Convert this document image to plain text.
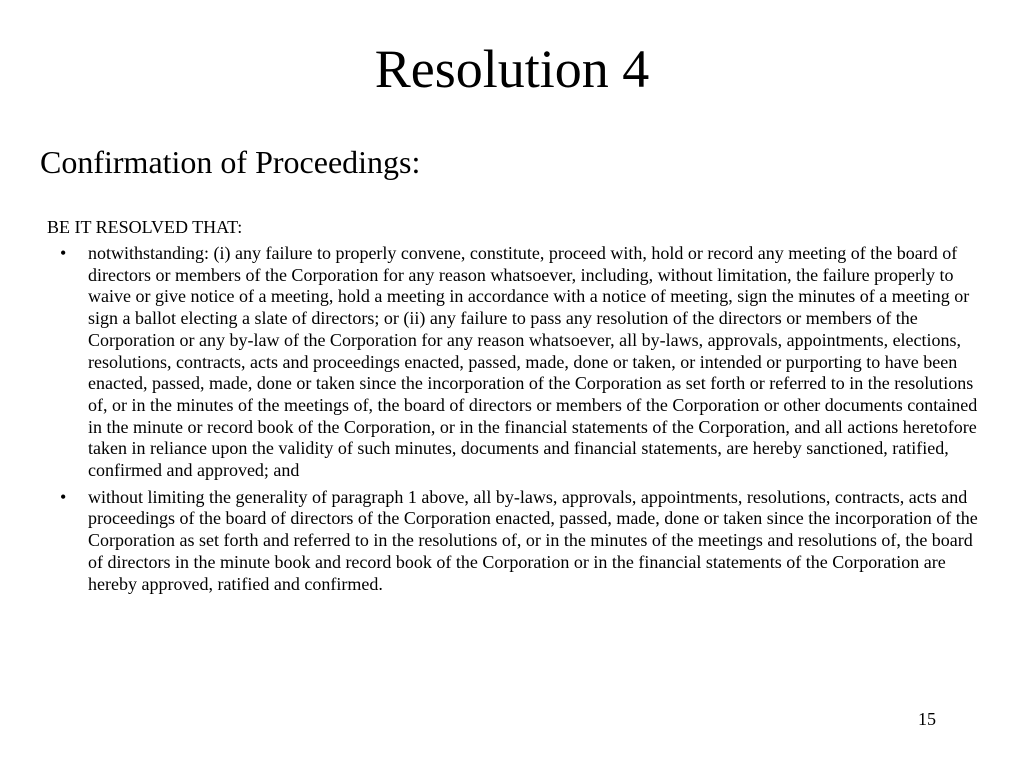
Resolution 4
Confirmation of Proceedings:

BE IT RESOLVED THAT:

• notwithstanding: (i) any failure to properly convene, constitute, proceed with, hold or record any meeting of the board of directors or members of the Corporation for any reason whatsoever, including, without limitation, the failure properly to waive or give notice of a meeting, hold a meeting in accordance with a notice of meeting, sign the minutes of a meeting or sign a ballot electing a slate of directors; or (ii) any failure to pass any resolution of the directors or members of the Corporation or any by-law of the Corporation for any reason whatsoever, all by-laws, approvals, appointments, elections, resolutions, contracts, acts and proceedings enacted, passed, made, done or taken, or intended or purporting to have been enacted, passed, made, done or taken since the incorporation of the Corporation as set forth or referred to in the resolutions of, or in the minutes of the meetings of, the board of directors or members of the Corporation or other documents contained in the minute or record book of the Corporation, or in the financial statements of the Corporation, and all actions heretofore taken in reliance upon the validity of such minutes, documents and financial statements, are hereby sanctioned, ratified, confirmed and approved; and
• without limiting the generality of paragraph 1 above, all by-laws, approvals, appointments, resolutions, contracts, acts and proceedings of the board of directors of the Corporation enacted, passed, made, done or taken since the incorporation of the Corporation as set forth and referred to in the resolutions of, or in the minutes of the meetings and resolutions of, the board of directors in the minute book and record book of the Corporation or in the financial statements of the Corporation are hereby approved, ratified and confirmed.

15
